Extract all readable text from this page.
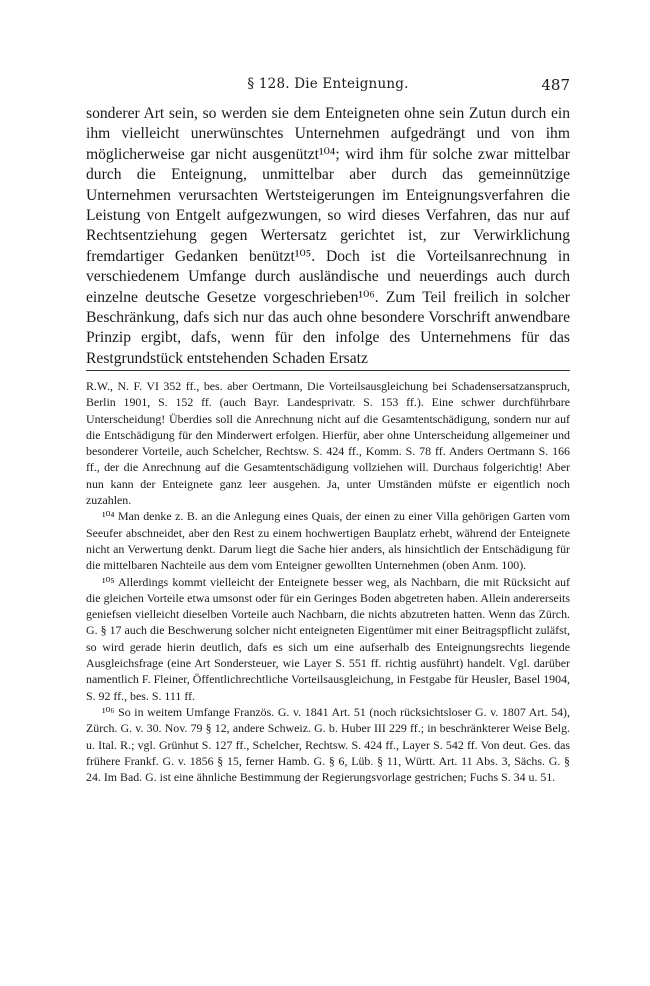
§ 128. Die Enteignung.	487

sonderer Art sein, so werden sie dem Enteigneten ohne sein Zutun durch ein ihm vielleicht unerwünschtes Unternehmen aufgedrängt und von ihm möglicherweise gar nicht ausgenützt¹⁰⁴; wird ihm für solche zwar mittelbar durch die Enteignung, unmittelbar aber durch das gemeinnützige Unternehmen verursachten Wertsteigerungen im Enteignungsverfahren die Leistung von Entgelt aufgezwungen, so wird dieses Verfahren, das nur auf Rechtsentziehung gegen Wertersatz gerichtet ist, zur Verwirklichung fremdartiger Gedanken benützt¹⁰⁵. Doch ist die Vorteilsanrechnung in verschiedenem Umfange durch ausländische und neuerdings auch durch einzelne deutsche Gesetze vorgeschrieben¹⁰⁶. Zum Teil freilich in solcher Beschränkung, dafs sich nur das auch ohne besondere Vorschrift anwendbare Prinzip ergibt, dafs, wenn für den infolge des Unternehmens für das Restgrundstück entstehenden Schaden Ersatz

R.W., N. F. VI 352 ff., bes. aber Oertmann, Die Vorteilsausgleichung bei Schadensersatzanspruch, Berlin 1901, S. 152 ff. (auch Bayr. Landesprivatr. S. 153 ff.). Eine schwer durchführbare Unterscheidung! Überdies soll die Anrechnung nicht auf die Gesamtentschädigung, sondern nur auf die Entschädigung für den Minderwert erfolgen. Hierfür, aber ohne Unterscheidung allgemeiner und besonderer Vorteile, auch Schelcher, Rechtsw. S. 424 ff., Komm. S. 78 ff. Anders Oertmann S. 166 ff., der die Anrechnung auf die Gesamtentschädigung vollziehen will. Durchaus folgerichtig! Aber nun kann der Enteignete ganz leer ausgehen. Ja, unter Umständen müfste er eigentlich noch zuzahlen.

¹⁰⁴ Man denke z. B. an die Anlegung eines Quais, der einen zu einer Villa gehörigen Garten vom Seeufer abschneidet, aber den Rest zu einem hochwertigen Bauplatz erhebt, während der Enteignete nicht an Verwertung denkt. Darum liegt die Sache hier anders, als hinsichtlich der Entschädigung für die mittelbaren Nachteile aus dem vom Enteigner gewollten Unternehmen (oben Anm. 100).

¹⁰⁵ Allerdings kommt vielleicht der Enteignete besser weg, als Nachbarn, die mit Rücksicht auf die gleichen Vorteile etwa umsonst oder für ein Geringes Boden abgetreten haben. Allein andererseits geniefsen vielleicht dieselben Vorteile auch Nachbarn, die nichts abzutreten hatten. Wenn das Zürch. G. § 17 auch die Beschwerung solcher nicht enteigneten Eigentümer mit einer Beitragspflicht zuläfst, so wird gerade hierin deutlich, dafs es sich um eine aufserhalb des Enteignungsrechts liegende Ausgleichsfrage (eine Art Sondersteuer, wie Layer S. 551 ff. richtig ausführt) handelt. Vgl. darüber namentlich F. Fleiner, Öffentlichrechtliche Vorteilsausgleichung, in Festgabe für Heusler, Basel 1904, S. 92 ff., bes. S. 111 ff.

¹⁰⁶ So in weitem Umfange Französ. G. v. 1841 Art. 51 (noch rücksichtsloser G. v. 1807 Art. 54), Zürch. G. v. 30. Nov. 79 § 12, andere Schweiz. G. b. Huber III 229 ff.; in beschränkterer Weise Belg. u. Ital. R.; vgl. Grünhut S. 127 ff., Schelcher, Rechtsw. S. 424 ff., Layer S. 542 ff. Von deut. Ges. das frühere Frankf. G. v. 1856 § 15, ferner Hamb. G. § 6, Lüb. § 11, Württ. Art. 11 Abs. 3, Sächs. G. § 24. Im Bad. G. ist eine ähnliche Bestimmung der Regierungsvorlage gestrichen; Fuchs S. 34 u. 51.
